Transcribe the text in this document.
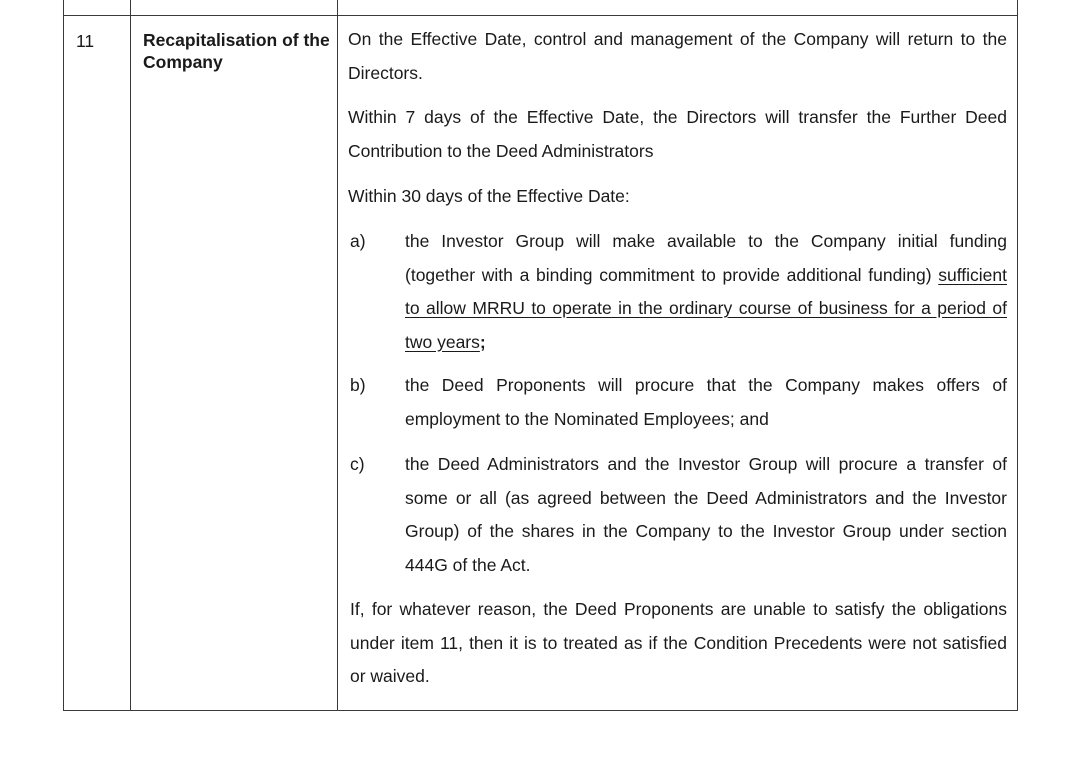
11	Recapitalisation of the Company

On the Effective Date, control and management of the Company will return to the Directors.

Within 7 days of the Effective Date, the Directors will transfer the Further Deed Contribution to the Deed Administrators

Within 30 days of the Effective Date:

a) the Investor Group will make available to the Company initial funding (together with a binding commitment to provide additional funding) sufficient to allow MRRU to operate in the ordinary course of business for a period of two years;

b) the Deed Proponents will procure that the Company makes offers of employment to the Nominated Employees; and

c) the Deed Administrators and the Investor Group will procure a transfer of some or all (as agreed between the Deed Administrators and the Investor Group) of the shares in the Company to the Investor Group under section 444G of the Act.

If, for whatever reason, the Deed Proponents are unable to satisfy the obligations under item 11, then it is to treated as if the Condition Precedents were not satisfied or waived.
